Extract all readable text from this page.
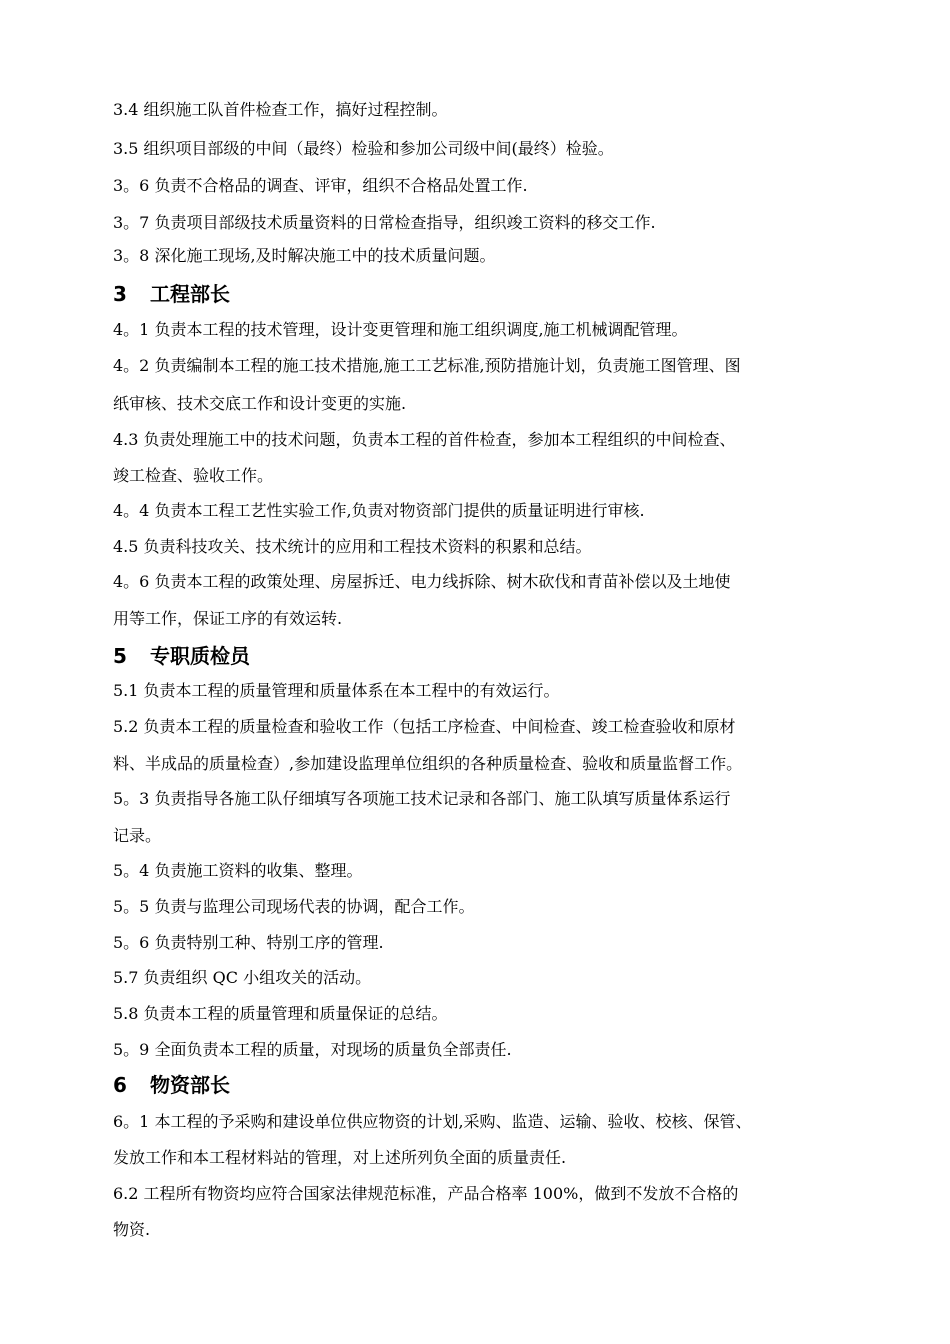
3.4 组织施工队首件检查工作，搞好过程控制。
3.5 组织项目部级的中间（最终）检验和参加公司级中间(最终）检验。
3。6 负责不合格品的调查、评审，组织不合格品处置工作.
3。7 负责项目部级技术质量资料的日常检查指导，组织竣工资料的移交工作.
3。8 深化施工现场,及时解决施工中的技术质量问题。
3 工程部长
4。1 负责本工程的技术管理，设计变更管理和施工组织调度,施工机械调配管理。
4。2 负责编制本工程的施工技术措施,施工工艺标准,预防措施计划，负责施工图管理、图
纸审核、技术交底工作和设计变更的实施.
4.3 负责处理施工中的技术问题，负责本工程的首件检查，参加本工程组织的中间检查、
竣工检查、验收工作。
4。4 负责本工程工艺性实验工作,负责对物资部门提供的质量证明进行审核.
4.5 负责科技攻关、技术统计的应用和工程技术资料的积累和总结。
4。6 负责本工程的政策处理、房屋拆迁、电力线拆除、树木砍伐和青苗补偿以及土地使
用等工作，保证工序的有效运转.
5 专职质检员
5.1 负责本工程的质量管理和质量体系在本工程中的有效运行。
5.2 负责本工程的质量检查和验收工作（包括工序检查、中间检查、竣工检查验收和原材
料、半成品的质量检查）,参加建设监理单位组织的各种质量检查、验收和质量监督工作。
5。3 负责指导各施工队仔细填写各项施工技术记录和各部门、施工队填写质量体系运行
记录。
5。4 负责施工资料的收集、整理。
5。5 负责与监理公司现场代表的协调，配合工作。
5。6 负责特别工种、特别工序的管理.
5.7 负责组织 QC 小组攻关的活动。
5.8 负责本工程的质量管理和质量保证的总结。
5。9 全面负责本工程的质量，对现场的质量负全部责任.
6 物资部长
6。1 本工程的予采购和建设单位供应物资的计划,采购、监造、运输、验收、校核、保管、
发放工作和本工程材料站的管理，对上述所列负全面的质量责任.
6.2 工程所有物资均应符合国家法律规范标准，产品合格率 100%，做到不发放不合格的
物资.
